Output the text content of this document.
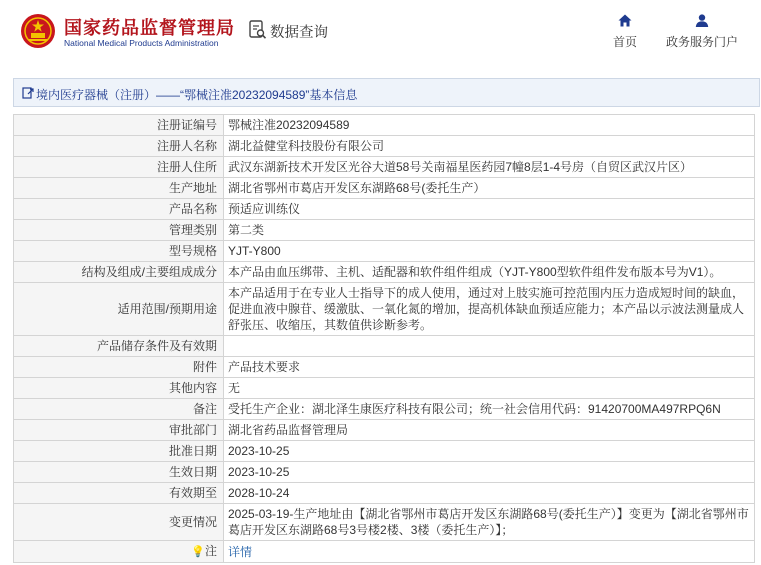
国家药品监督管理局
National Medical Products Administration
数据查询
首页	政务服务门户
境内医疗器械（注册）——“鄂械注准20232094589”基本信息
注册证编号	鄂械注准20232094589
注册人名称	湖北益健堂科技股份有限公司
注册人住所	武汉东湖新技术开发区光谷大道58号关南福星医药园7幢8层1-4号房（自贸区武汉片区）
生产地址	湖北省鄂州市葛店开发区东湖路68号(委托生产）
产品名称	预适应训练仪
管理类别	第二类
型号规格	YJT-Y800
结构及组成/主要组成成分	本产品由血压绑带、主机、适配器和软件组件组成（YJT-Y800型软件组件发布版本号为V1）。
适用范围/预期用途	本产品适用于在专业人士指导下的成人使用，通过对上肢实施可控范围内压力造成短时间的缺血，促进血液中腺苷、缓激肽、一氧化氮的增加，提高机体缺血预适应能力；本产品以示波法测量成人舒张压、收缩压，其数值供诊断参考。
产品储存条件及有效期	
附件	产品技术要求
其他内容	无
备注	受托生产企业：湖北泽生康医疗科技有限公司；统一社会信用代码：91420700MA497RPQ6N
审批部门	湖北省药品监督管理局
批准日期	2023-10-25
生效日期	2023-10-25
有效期至	2028-10-24
变更情况	2025-03-19-生产地址由【湖北省鄂州市葛店开发区东湖路68号(委托生产）】变更为【湖北省鄂州市葛店开发区东湖路68号3号楼2楼、3楼（委托生产）】；
💡注	详情
